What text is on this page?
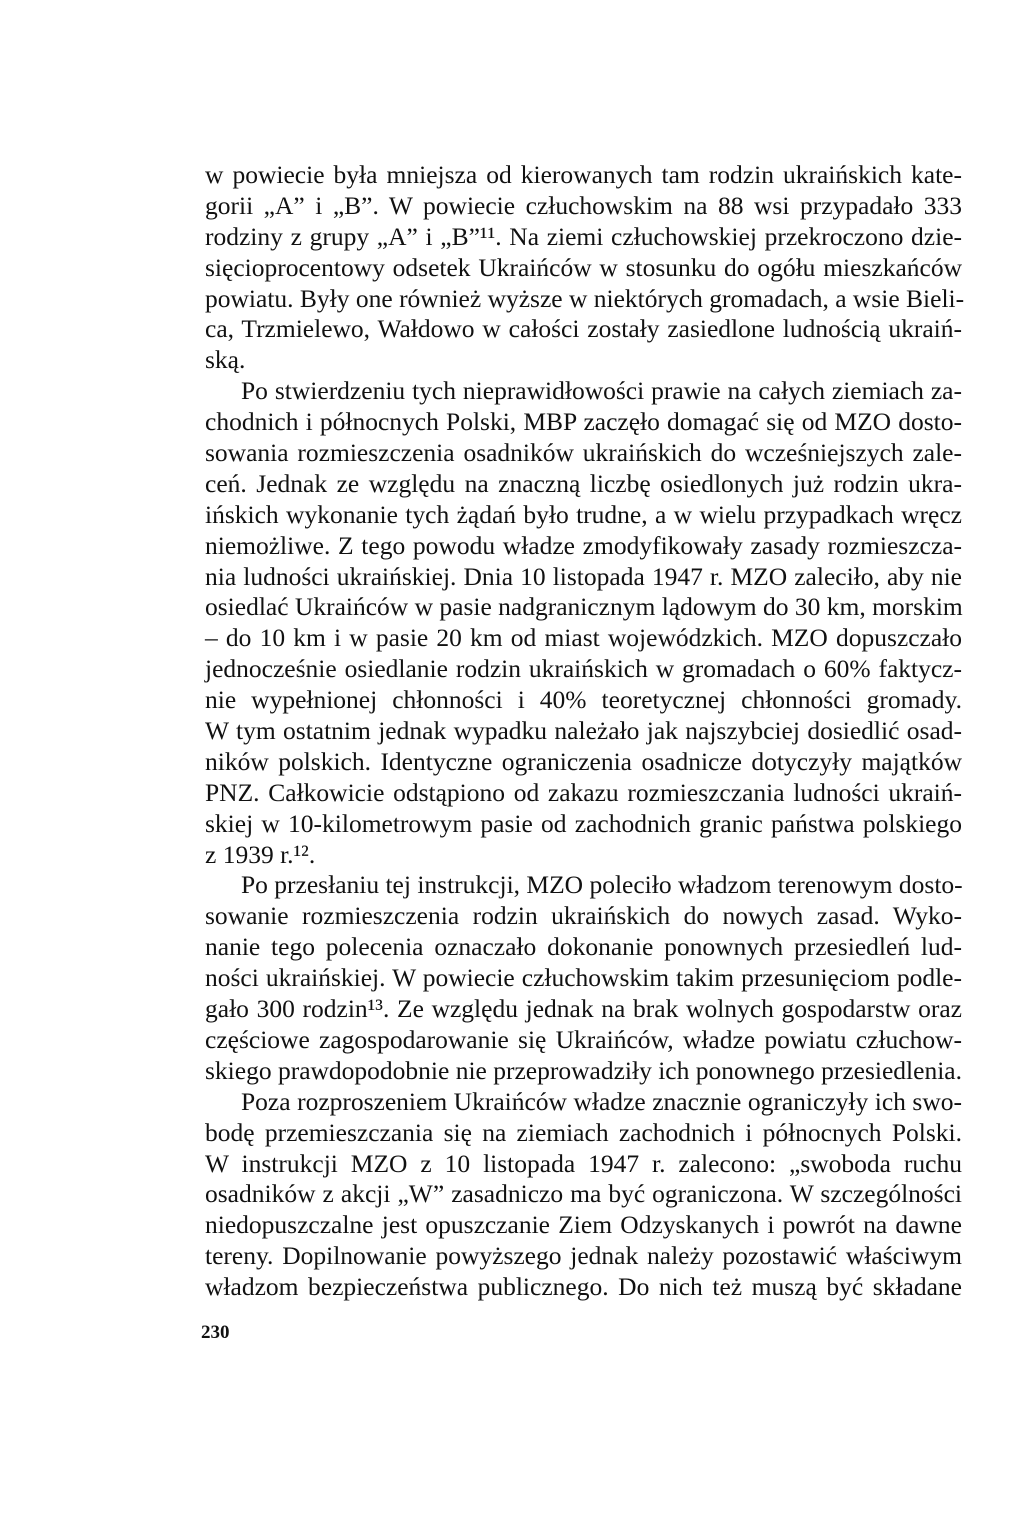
w powiecie była mniejsza od kierowanych tam rodzin ukraińskich kate-
gorii „A” i „B”. W powiecie człuchowskim na 88 wsi przypadało 333
rodziny z grupy „A” i „B”¹¹. Na ziemi człuchowskiej przekroczono dzie-
sięcioprocentowy odsetek Ukraińców w stosunku do ogółu mieszkańców
powiatu. Były one również wyższe w niektórych gromadach, a wsie Bieli-
ca, Trzmielewo, Wałdowo w całości zostały zasiedlone ludnością ukraiń-
ską.
Po stwierdzeniu tych nieprawidłowości prawie na całych ziemiach za-
chodnich i północnych Polski, MBP zaczęło domagać się od MZO dosto-
sowania rozmieszczenia osadników ukraińskich do wcześniejszych zale-
ceń. Jednak ze względu na znaczną liczbę osiedlonych już rodzin ukra-
ińskich wykonanie tych żądań było trudne, a w wielu przypadkach wręcz
niemożliwe. Z tego powodu władze zmodyfikowały zasady rozmieszcza-
nia ludności ukraińskiej. Dnia 10 listopada 1947 r. MZO zaleciło, aby nie
osiedlać Ukraińców w pasie nadgranicznym lądowym do 30 km, morskim
– do 10 km i w pasie 20 km od miast wojewódzkich. MZO dopuszczało
jednocześnie osiedlanie rodzin ukraińskich w gromadach o 60% faktycz-
nie wypełnionej chłonności i 40% teoretycznej chłonności gromady.
W tym ostatnim jednak wypadku należało jak najszybciej dosiedlić osad-
ników polskich. Identyczne ograniczenia osadnicze dotyczyły majątków
PNZ. Całkowicie odstąpiono od zakazu rozmieszczania ludności ukraiń-
skiej w 10-kilometrowym pasie od zachodnich granic państwa polskiego
z 1939 r.¹².
Po przesłaniu tej instrukcji, MZO poleciło władzom terenowym dosto-
sowanie rozmieszczenia rodzin ukraińskich do nowych zasad. Wyko-
nanie tego polecenia oznaczało dokonanie ponownych przesiedleń lud-
ności ukraińskiej. W powiecie człuchowskim takim przesunięciom podle-
gało 300 rodzin¹³. Ze względu jednak na brak wolnych gospodarstw oraz
częściowe zagospodarowanie się Ukraińców, władze powiatu człuchow-
skiego prawdopodobnie nie przeprowadziły ich ponownego przesiedlenia.
Poza rozproszeniem Ukraińców władze znacznie ograniczyły ich swo-
bodę przemieszczania się na ziemiach zachodnich i północnych Polski.
W instrukcji MZO z 10 listopada 1947 r. zalecono: „swoboda ruchu
osadników z akcji „W” zasadniczo ma być ograniczona. W szczególności
niedopuszczalne jest opuszczanie Ziem Odzyskanych i powrót na dawne
tereny. Dopilnowanie powyższego jednak należy pozostawić właściwym
władzom bezpieczeństwa publicznego. Do nich też muszą być składane
230
